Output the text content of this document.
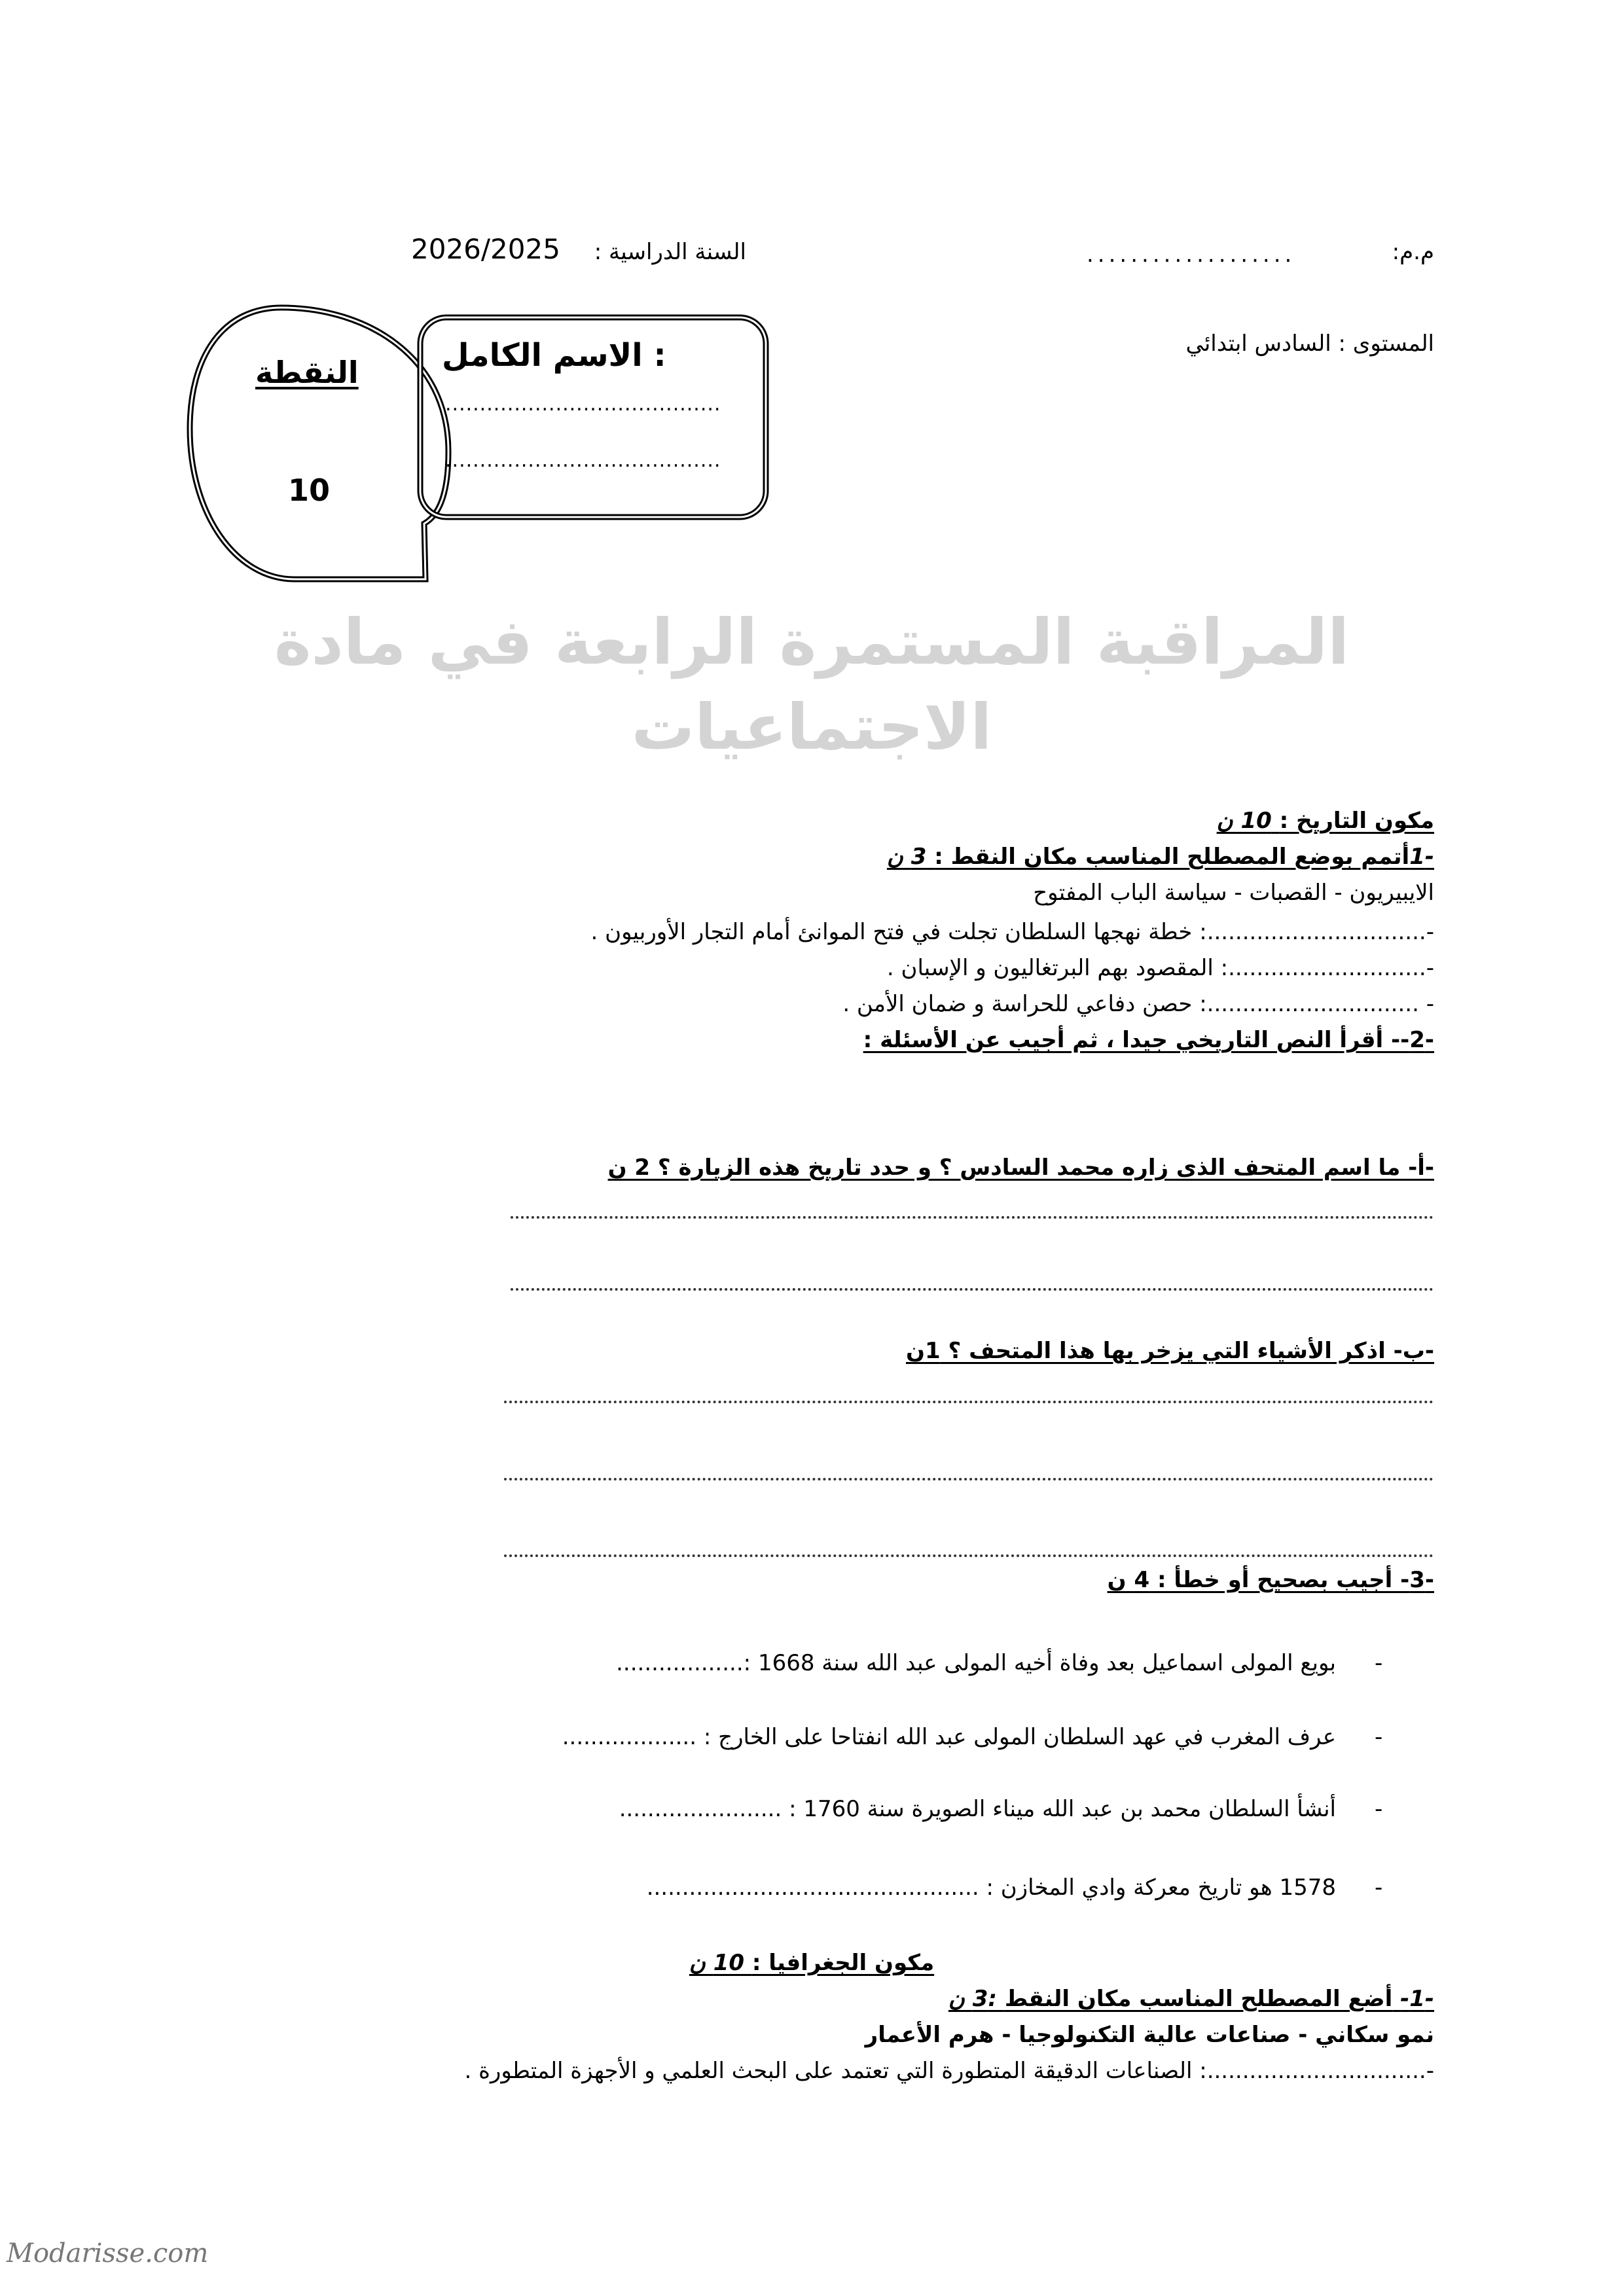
م.م:
...................
السنة الدراسية :
2026/2025
المستوى : السادس ابتدائي
النقطة
10
: الاسم الكامل
........................................
........................................
المراقبة المستمرة الرابعة في مادة
الاجتماعيات
مكون التاريخ : 10 ن
-1أتمم بوضع المصطلح المناسب مكان النقط : 3 ن
الايبيريون - القصبات - سياسة الباب المفتوح
-...............................: خطة نهجها السلطان تجلت في فتح الموانئ أمام التجار الأوربيون .
-............................: المقصود بهم البرتغاليون و الإسبان .
- ..............................: حصن دفاعي للحراسة و ضمان الأمن .
-2-- أقرأ النص التاريخي جيدا ، ثم أجيب عن الأسئلة :
-أ- ما اسم المتحف الذى زاره محمد السادس ؟ و حدد تاريخ هذه الزيارة ؟ 2 ن
-ب- اذكر الأشياء التي يزخر بها هذا المتحف ؟ 1ن
-3- أجيب بصحيح أو خطأ : 4 ن
-
بويع المولى اسماعيل بعد وفاة أخيه المولى عبد الله سنة 1668 :..................
-
عرف المغرب في عهد السلطان المولى عبد الله انفتاحا على الخارج : ...................
-
أنشأ السلطان محمد بن عبد الله ميناء الصويرة سنة 1760 : .......................
-
1578 هو تاريخ معركة وادي المخازن : ...............................................
مكون الجغرافيا : 10 ن
-1- أضع المصطلح المناسب مكان النقط :3 ن
نمو سكاني - صناعات عالية التكنولوجيا - هرم الأعمار
-...............................: الصناعات الدقيقة المتطورة التي تعتمد على البحث العلمي و الأجهزة المتطورة .
Modarisse.com
